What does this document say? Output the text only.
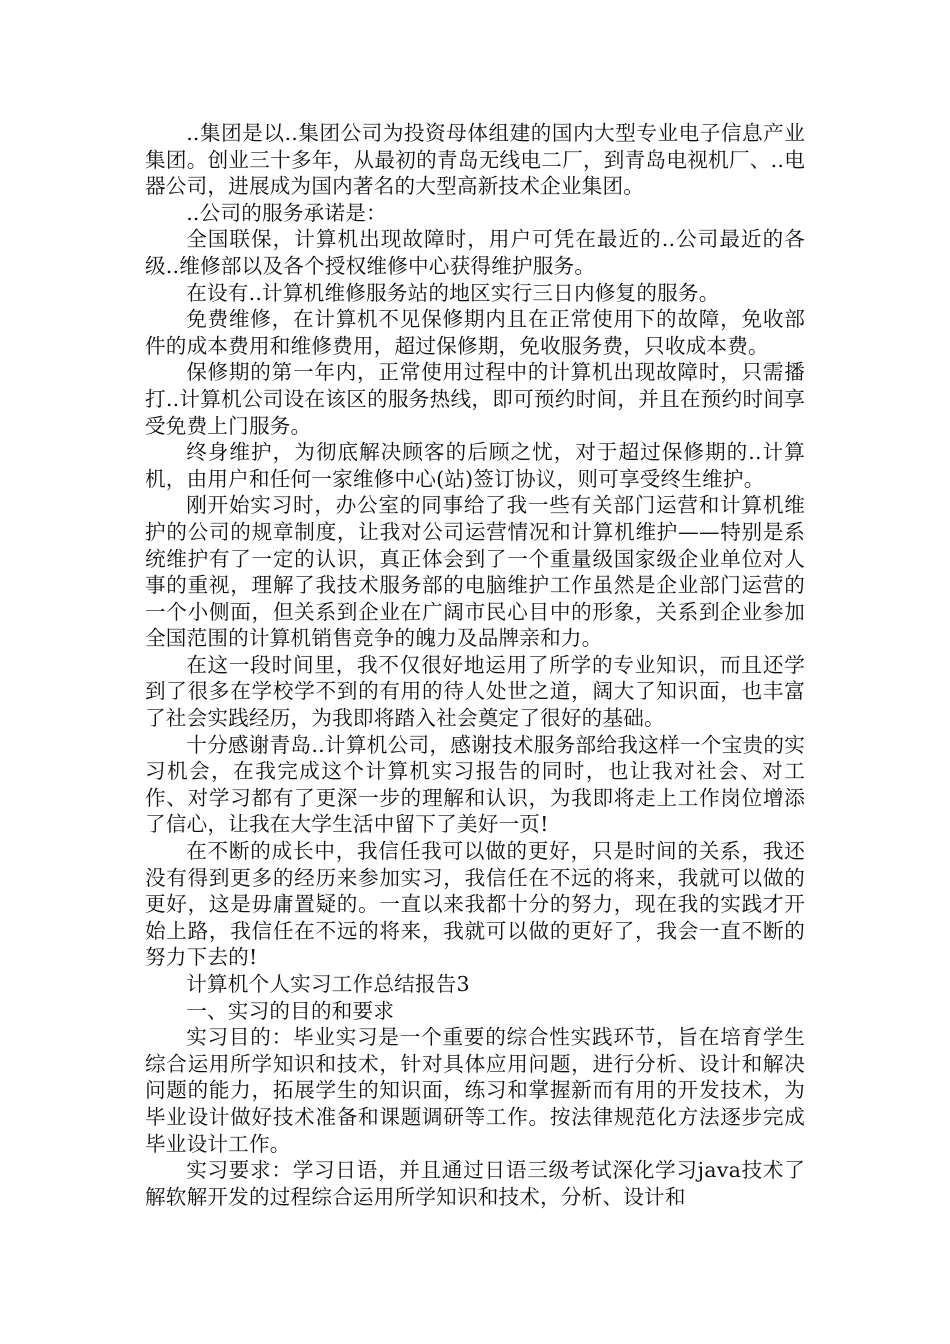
..集团是以..集团公司为投资母体组建的国内大型专业电子信息产业集团。创业三十多年，从最初的青岛无线电二厂，到青岛电视机厂、..电器公司，进展成为国内著名的大型高新技术企业集团。

..公司的服务承诺是：

全国联保，计算机出现故障时，用户可凭在最近的..公司最近的各级..维修部以及各个授权维修中心获得维护服务。

在设有..计算机维修服务站的地区实行三日内修复的服务。

免费维修，在计算机不见保修期内且在正常使用下的故障，免收部件的成本费用和维修费用，超过保修期，免收服务费，只收成本费。

保修期的第一年内，正常使用过程中的计算机出现故障时，只需播打..计算机公司设在该区的服务热线，即可预约时间，并且在预约时间享受免费上门服务。

终身维护，为彻底解决顾客的后顾之忧，对于超过保修期的..计算机，由用户和任何一家维修中心(站)签订协议，则可享受终生维护。

刚开始实习时，办公室的同事给了我一些有关部门运营和计算机维护的公司的规章制度，让我对公司运营情况和计算机维护——特别是系统维护有了一定的认识，真正体会到了一个重量级国家级企业单位对人事的重视，理解了我技术服务部的电脑维护工作虽然是企业部门运营的一个小侧面，但关系到企业在广阔市民心目中的形象，关系到企业参加全国范围的计算机销售竞争的魄力及品牌亲和力。

在这一段时间里，我不仅很好地运用了所学的专业知识，而且还学到了很多在学校学不到的有用的待人处世之道，阔大了知识面，也丰富了社会实践经历，为我即将踏入社会奠定了很好的基础。

十分感谢青岛..计算机公司，感谢技术服务部给我这样一个宝贵的实习机会，在我完成这个计算机实习报告的同时，也让我对社会、对工作、对学习都有了更深一步的理解和认识，为我即将走上工作岗位增添了信心，让我在大学生活中留下了美好一页!

在不断的成长中，我信任我可以做的更好，只是时间的关系，我还没有得到更多的经历来参加实习，我信任在不远的将来，我就可以做的更好，这是毋庸置疑的。一直以来我都十分的努力，现在我的实践才开始上路，我信任在不远的将来，我就可以做的更好了，我会一直不断的努力下去的!

计算机个人实习工作总结报告3

一、实习的目的和要求

实习目的：毕业实习是一个重要的综合性实践环节，旨在培育学生综合运用所学知识和技术，针对具体应用问题，进行分析、设计和解决问题的能力，拓展学生的知识面，练习和掌握新而有用的开发技术，为毕业设计做好技术准备和课题调研等工作。按法律规范化方法逐步完成毕业设计工作。

实习要求：学习日语，并且通过日语三级考试深化学习java技术了解软解开发的过程综合运用所学知识和技术，分析、设计和
